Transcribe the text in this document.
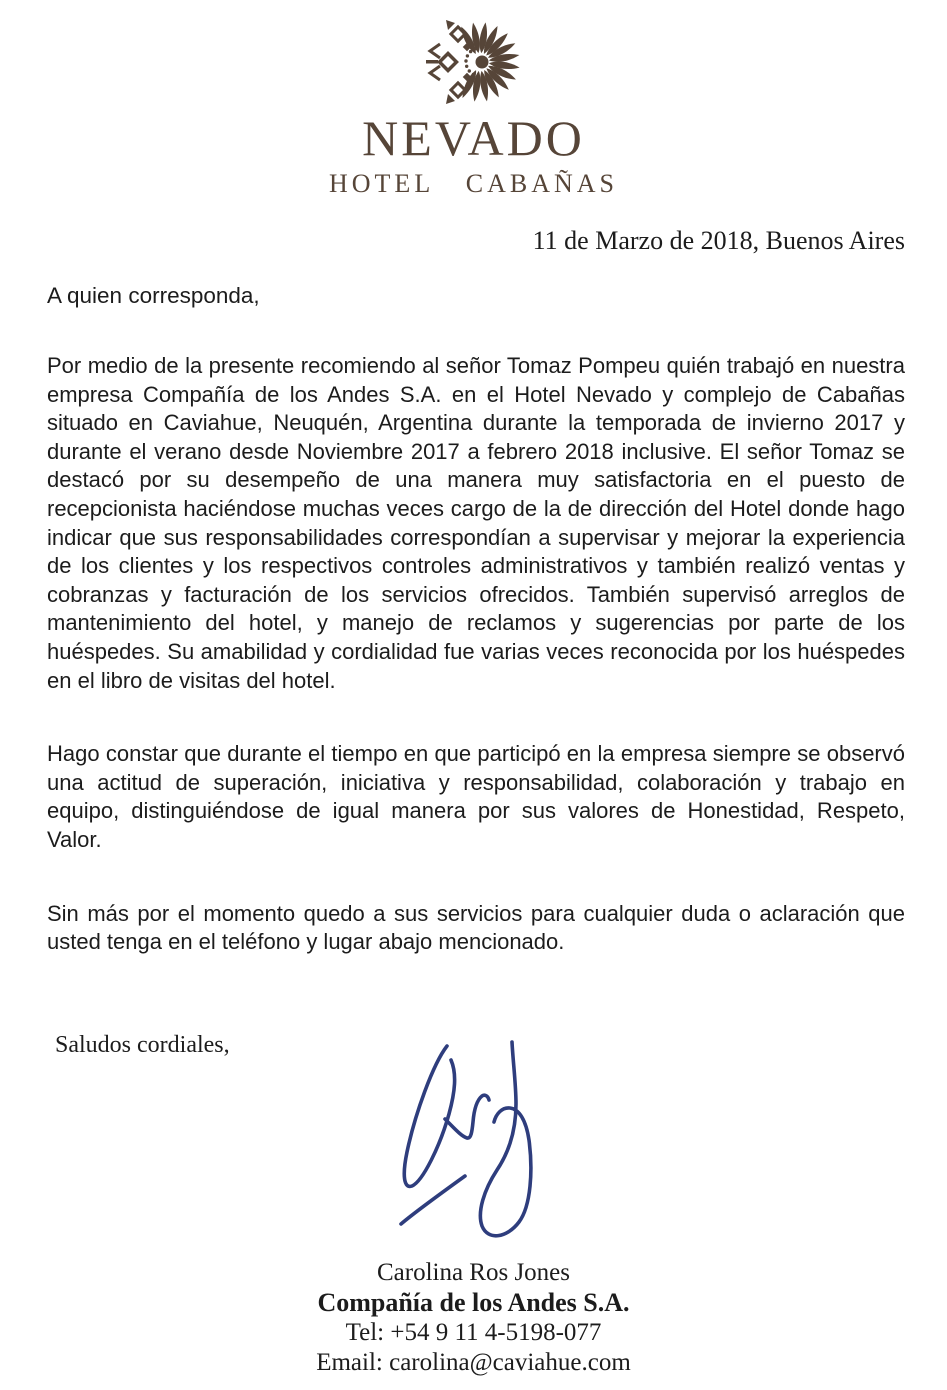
NEVADO
HOTEL CABAÑAS
11 de Marzo de 2018, Buenos Aires

A quien corresponda,

Por medio de la presente recomiendo al señor Tomaz Pompeu quién trabajó en nuestra empresa Compañía de los Andes S.A. en el Hotel Nevado y complejo de Cabañas situado en Caviahue, Neuquén, Argentina durante la temporada de invierno 2017 y durante el verano desde Noviembre 2017 a febrero 2018 inclusive. El señor Tomaz se destacó por su desempeño de una manera muy satisfactoria en el puesto de recepcionista haciéndose muchas veces cargo de la de dirección del Hotel donde hago indicar que sus responsabilidades correspondían a supervisar y mejorar la experiencia de los clientes y los respectivos controles administrativos y también realizó ventas y cobranzas y facturación de los servicios ofrecidos. También supervisó arreglos de mantenimiento del hotel, y manejo de reclamos y sugerencias por parte de los huéspedes. Su amabilidad y cordialidad fue varias veces reconocida por los huéspedes en el libro de visitas del hotel.

Hago constar que durante el tiempo en que participó en la empresa siempre se observó una actitud de superación, iniciativa y responsabilidad, colaboración y trabajo en equipo, distinguiéndose de igual manera por sus valores de Honestidad, Respeto, Valor.

Sin más por el momento quedo a sus servicios para cualquier duda o aclaración que usted tenga en el teléfono y lugar abajo mencionado.

Saludos cordiales,
Carolina Ros Jones
Compañía de los Andes S.A.
Tel: +54 9 11 4-5198-077
Email: carolina@caviahue.com
